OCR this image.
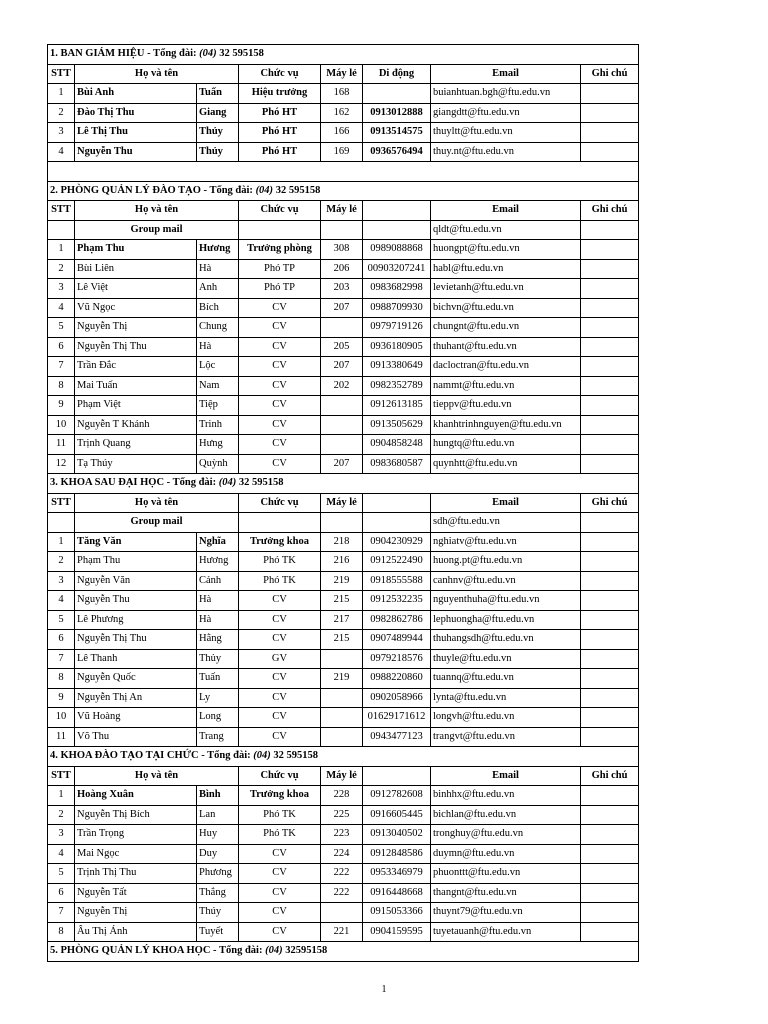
1. BAN GIÁM HIỆU - Tổng đài: (04) 32 595158							
STT	Họ và tên		Chức vụ	Máy lẻ	Di động	Email	Ghi chú
1	Bùi Anh	Tuấn	Hiệu trưởng	168		buianhtuan.bgh@ftu.edu.vn	
2	Đào Thị Thu	Giang	Phó HT	162	0913012888	giangdtt@ftu.edu.vn	
3	Lê Thị Thu	Thủy	Phó HT	166	0913514575	thuyltt@ftu.edu.vn	
4	Nguyễn Thu	Thủy	Phó HT	169	0936576494	thuy.nt@ftu.edu.vn	

2. PHÒNG QUẢN LÝ ĐÀO TẠO - Tổng đài: (04) 32 595158							
STT	Họ và tên		Chức vụ	Máy lẻ		Email	Ghi chú
	Group mail					qldt@ftu.edu.vn	
1	Phạm Thu	Hương	Trưởng phòng	308	0989088868	huongpt@ftu.edu.vn	
2	Bùi Liên	Hà	Phó TP	206	00903207241	habl@ftu.edu.vn	
3	Lê Việt	Anh	Phó TP	203	0983682998	levietanh@ftu.edu.vn	
4	Vũ Ngọc	Bích	CV	207	0988709930	bichvn@ftu.edu.vn	
5	Nguyễn Thị	Chung	CV		0979719126	chungnt@ftu.edu.vn	
6	Nguyễn Thị Thu	Hà	CV	205	0936180905	thuhant@ftu.edu.vn	
7	Trần Đắc	Lộc	CV	207	0913380649	dacloctran@ftu.edu.vn	
8	Mai Tuấn	Nam	CV	202	0982352789	nammt@ftu.edu.vn	
9	Phạm Việt	Tiệp	CV		0912613185	tieppv@ftu.edu.vn	
10	Nguyễn T Khánh	Trinh	CV		0913505629	khanhtrinhnguyen@ftu.edu.vn	
11	Trịnh Quang	Hưng	CV		0904858248	hungtq@ftu.edu.vn	
12	Tạ Thúy	Quỳnh	CV	207	0983680587	quynhtt@ftu.edu.vn	
3. KHOA SAU ĐẠI HỌC - Tổng đài: (04) 32 595158							
STT	Họ và tên		Chức vụ	Máy lẻ		Email	Ghi chú
	Group mail					sdh@ftu.edu.vn	
1	Tăng Văn	Nghĩa	Trưởng khoa	218	0904230929	nghiatv@ftu.edu.vn	
2	Phạm Thu	Hương	Phó TK	216	0912522490	huong.pt@ftu.edu.vn	
3	Nguyễn Văn	Cảnh	Phó TK	219	0918555588	canhnv@ftu.edu.vn	
4	Nguyễn Thu	Hà	CV	215	0912532235	nguyenthuha@ftu.edu.vn	
5	Lê Phương	Hà	CV	217	0982862786	lephuongha@ftu.edu.vn	
6	Nguyễn Thị Thu	Hằng	CV	215	0907489944	thuhangsdh@ftu.edu.vn	
7	Lê Thanh	Thủy	GV		0979218576	thuyle@ftu.edu.vn	
8	Nguyễn Quốc	Tuấn	CV	219	0988220860	tuannq@ftu.edu.vn	
9	Nguyễn Thị An	Ly	CV		0902058966	lynta@ftu.edu.vn	
10	Vũ Hoàng	Long	CV		01629171612	longvh@ftu.edu.vn	
11	Võ Thu	Trang	CV		0943477123	trangvt@ftu.edu.vn	
4. KHOA ĐÀO TẠO TẠI CHỨC - Tổng đài: (04) 32 595158							
STT	Họ và tên		Chức vụ	Máy lẻ		Email	Ghi chú
1	Hoàng Xuân	Bình	Trưởng khoa	228	0912782608	binhhx@ftu.edu.vn	
2	Nguyễn Thị Bích	Lan	Phó TK	225	0916605445	bichlan@ftu.edu.vn	
3	Trần Trọng	Huy	Phó TK	223	0913040502	tronghuy@ftu.edu.vn	
4	Mai Ngọc	Duy	CV	224	0912848586	duymn@ftu.edu.vn	
5	Trịnh Thị Thu	Phương	CV	222	0953346979	phuonttt@ftu.edu.vn	
6	Nguyễn Tất	Thắng	CV	222	0916448668	thangnt@ftu.edu.vn	
7	Nguyễn Thị	Thúy	CV		0915053366	thuynt79@ftu.edu.vn	
8	Âu Thị Ánh	Tuyết	CV	221	0904159595	tuyetauanh@ftu.edu.vn	
5. PHÒNG QUẢN LÝ KHOA HỌC - Tổng đài: (04) 32595158							
1
